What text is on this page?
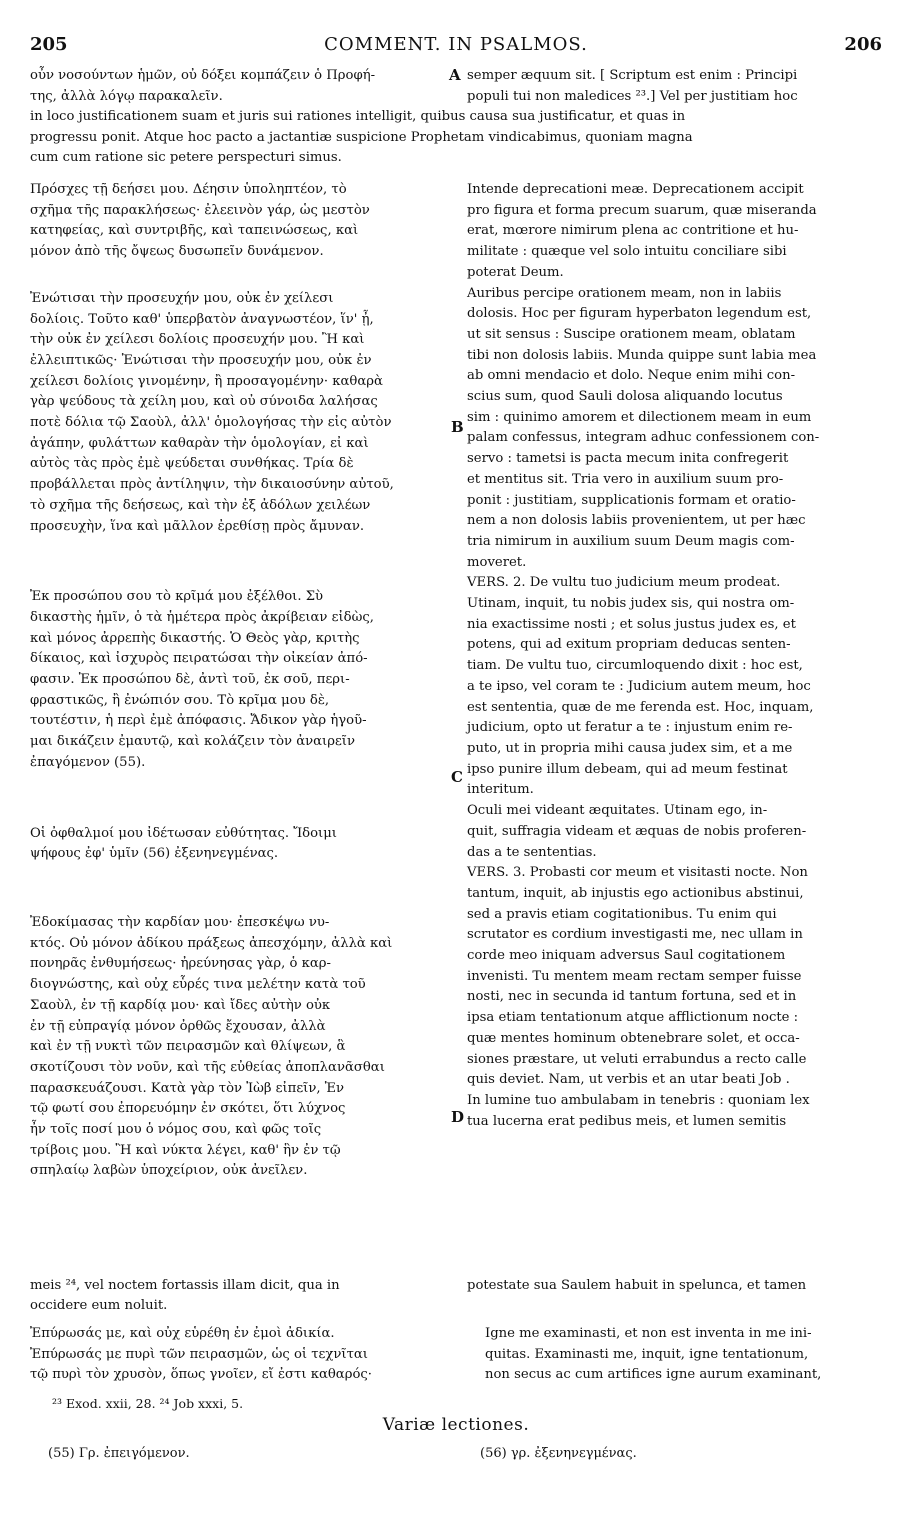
205	COMMENT. IN PSALMOS.	206

οὖν νοσούντων ἡμῶν, οὐ δόξει κομπάζειν ὁ Προφή-

της, ἀλλὰ λόγῳ παρακαλεῖν.

semper æquum sit. [ Scriptum est enim : Principi

populi tui non maledices ²³.] Vel per justitiam hoc

in loco justificationem suam et juris sui rationes intelligit, quibus causa sua justificatur, et quas in

progressu ponit. Atque hoc pacto a jactantiæ suspicione Prophetam vindicabimus, quoniam magna

cum cum ratione sic petere perspecturi simus.

A
B
C
D

Πρόσχες τῇ δεήσει μου. Δέησιν ὑποληπτέον, τὸ

σχῆμα τῆς παρακλήσεως· ἐλεεινὸν γάρ, ὡς μεστὸν

κατηφείας, καὶ συντριβῆς, καὶ ταπεινώσεως, καὶ

μόνον ἀπὸ τῆς ὄψεως δυσωπεῖν δυνάμενον.

Ἐνώτισαι τὴν προσευχήν μου, οὐκ ἐν χείλεσι

δολίοις. Τοῦτο καθ' ὑπερβατὸν ἀναγνωστέον, ἵν' ᾖ,

τὴν οὐκ ἐν χείλεσι δολίοις προσευχήν μου. Ἢ καὶ

ἐλλειπτικῶς· Ἐνώτισαι τὴν προσευχήν μου, οὐκ ἐν

χείλεσι δολίοις γινομένην, ἢ προσαγομένην· καθαρὰ

γὰρ ψεύδους τὰ χείλη μου, καὶ οὐ σύνοιδα λαλήσας

ποτὲ δόλια τῷ Σαοὺλ, ἀλλ' ὁμολογήσας τὴν εἰς αὐτὸν

ἀγάπην, φυλάττων καθαρὰν τὴν ὁμολογίαν, εἰ καὶ

αὐτὸς τὰς πρὸς ἐμὲ ψεύδεται συνθήκας. Τρία δὲ

προβάλλεται πρὸς ἀντίληψιν, τὴν δικαιοσύνην αὐτοῦ,

τὸ σχῆμα τῆς δεήσεως, καὶ τὴν ἐξ ἀδόλων χειλέων

προσευχὴν, ἵνα καὶ μᾶλλον ἐρεθίσῃ πρὸς ἄμυναν.

Ἐκ προσώπου σου τὸ κρῖμά μου ἐξέλθοι. Σὺ

δικαστὴς ἡμῖν, ὁ τὰ ἡμέτερα πρὸς ἀκρίβειαν εἰδὼς,

καὶ μόνος ἀρρεπὴς δικαστής. Ὁ Θεὸς γὰρ, κριτὴς

δίκαιος, καὶ ἰσχυρὸς πειρατώσαι τὴν οἰκείαν ἀπό-

φασιν. Ἐκ προσώπου δὲ, ἀντὶ τοῦ, ἐκ σοῦ, περι-

φραστικῶς, ἢ ἐνώπιόν σου. Τὸ κρῖμα μου δὲ,

τουτέστιν, ἡ περὶ ἐμὲ ἀπόφασις. Ἄδικον γὰρ ἡγοῦ-

μαι δικάζειν ἐμαυτῷ, καὶ κολάζειν τὸν ἀναιρεῖν

ἐπαγόμενον (55).

Οἱ ὀφθαλμοί μου ἰδέτωσαν εὐθύτητας. Ἴδοιμι

ψήφους ἐφ' ὑμῖν (56) ἐξενηνεγμένας.

Ἐδοκίμασας τὴν καρδίαν μου· ἐπεσκέψω νυ-

κτός. Οὐ μόνον ἀδίκου πράξεως ἀπεσχόμην, ἀλλὰ καὶ

πονηρᾶς ἐνθυμήσεως· ἠρεύνησας γὰρ, ὁ καρ-

διογνώστης, καὶ οὐχ εὗρές τινα μελέτην κατὰ τοῦ

Σαοὺλ, ἐν τῇ καρδίᾳ μου· καὶ ἴδες αὐτὴν οὐκ

ἐν τῇ εὐπραγίᾳ μόνον ὀρθῶς ἔχουσαν, ἀλλὰ

καὶ ἐν τῇ νυκτὶ τῶν πειρασμῶν καὶ θλίψεων, ἃ

σκοτίζουσι τὸν νοῦν, καὶ τῆς εὐθείας ἀποπλανᾶσθαι

παρασκευάζουσι. Κατὰ γὰρ τὸν Ἰὼβ εἰπεῖν, Ἐν

τῷ φωτί σου ἐπορευόμην ἐν σκότει, ὅτι λύχνος

ἦν τοῖς ποσί μου ὁ νόμος σου, καὶ φῶς τοῖς

τρίβοις μου. Ἢ καὶ νύκτα λέγει, καθ' ἣν ἐν τῷ

σπηλαίῳ λαβὼν ὑποχείριον, οὐκ ἀνεῖλεν.

Intende deprecationi meæ. Deprecationem accipit

pro figura et forma precum suarum, quæ miseranda

erat, mœrore nimirum plena ac contritione et hu-

militate : quæque vel solo intuitu conciliare sibi

poterat Deum.

Auribus percipe orationem meam, non in labiis

dolosis. Hoc per figuram hyperbaton legendum est,

ut sit sensus : Suscipe orationem meam, oblatam

tibi non dolosis labiis. Munda quippe sunt labia mea

ab omni mendacio et dolo. Neque enim mihi con-

scius sum, quod Sauli dolosa aliquando locutus

sim : quinimo amorem et dilectionem meam in eum

palam confessus, integram adhuc confessionem con-

servo : tametsi is pacta mecum inita confregerit

et mentitus sit. Tria vero in auxilium suum pro-

ponit : justitiam, supplicationis formam et oratio-

nem a non dolosis labiis provenientem, ut per hæc

tria nimirum in auxilium suum Deum magis com-

moveret.

VERS. 2. De vultu tuo judicium meum prodeat.

Utinam, inquit, tu nobis judex sis, qui nostra om-

nia exactissime nosti ; et solus justus judex es, et

potens, qui ad exitum propriam deducas senten-

tiam. De vultu tuo, circumloquendo dixit : hoc est,

a te ipso, vel coram te : Judicium autem meum, hoc

est sententia, quæ de me ferenda est. Hoc, inquam,

judicium, opto ut feratur a te : injustum enim re-

puto, ut in propria mihi causa judex sim, et a me

ipso punire illum debeam, qui ad meum festinat

interitum.

Oculi mei videant æquitates. Utinam ego, in-

quit, suffragia videam et æquas de nobis proferen-

das a te sententias.

VERS. 3. Probasti cor meum et visitasti nocte. Non

tantum, inquit, ab injustis ego actionibus abstinui,

sed a pravis etiam cogitationibus. Tu enim qui

scrutator es cordium investigasti me, nec ullam in

corde meo iniquam adversus Saul cogitationem

invenisti. Tu mentem meam rectam semper fuisse

nosti, nec in secunda id tantum fortuna, sed et in

ipsa etiam tentationum atque afflictionum nocte :

quæ mentes hominum obtenebrare solet, et occa-

siones præstare, ut veluti errabundus a recto calle

quis deviet. Nam, ut verbis et an utar beati Job .

In lumine tuo ambulabam in tenebris : quoniam lex

tua lucerna erat pedibus meis, et lumen semitis

meis ²⁴, vel noctem fortassis illam dicit, qua in	potestate sua Saulem habuit in spelunca, et tamen

occidere eum noluit.

Ἐπύρωσάς με, καὶ οὐχ εὑρέθη ἐν ἐμοὶ ἀδικία.

Ἐπύρωσάς με πυρὶ τῶν πειρασμῶν, ὡς οἱ τεχνῖται

τῷ πυρὶ τὸν χρυσὸν, ὅπως γνοῖεν, εἴ ἐστι καθαρός·

Igne me examinasti, et non est inventa in me ini-

quitas. Examinasti me, inquit, igne tentationum,

non secus ac cum artifices igne aurum examinant,

²³ Exod. xxii, 28. ²⁴ Job xxxi, 5.
Variæ lectiones.
(55) Γρ. ἐπειγόμενον.	(56) γρ. ἐξενηνεγμένας.
